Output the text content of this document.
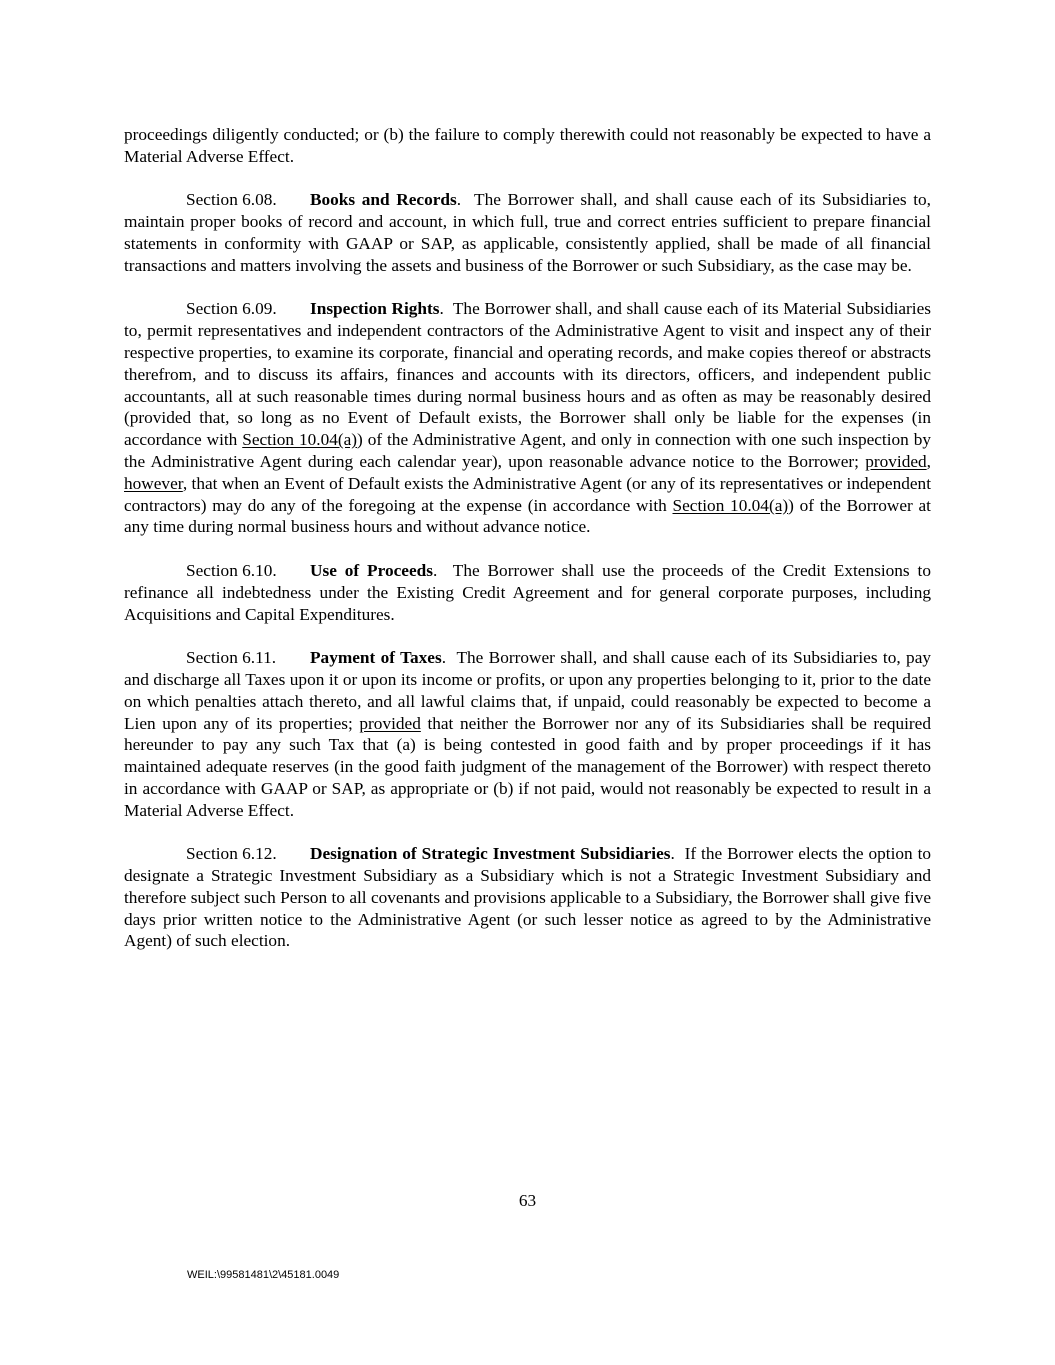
proceedings diligently conducted; or (b) the failure to comply therewith could not reasonably be expected to have a Material Adverse Effect.

Section 6.08. Books and Records.  The Borrower shall, and shall cause each of its Subsidiaries to, maintain proper books of record and account, in which full, true and correct entries sufficient to prepare financial statements in conformity with GAAP or SAP, as applicable, consistently applied, shall be made of all financial transactions and matters involving the assets and business of the Borrower or such Subsidiary, as the case may be.

Section 6.09. Inspection Rights.  The Borrower shall, and shall cause each of its Material Subsidiaries to, permit representatives and independent contractors of the Administrative Agent to visit and inspect any of their respective properties, to examine its corporate, financial and operating records, and make copies thereof or abstracts therefrom, and to discuss its affairs, finances and accounts with its directors, officers, and independent public accountants, all at such reasonable times during normal business hours and as often as may be reasonably desired (provided that, so long as no Event of Default exists, the Borrower shall only be liable for the expenses (in accordance with Section 10.04(a)) of the Administrative Agent, and only in connection with one such inspection by the Administrative Agent during each calendar year), upon reasonable advance notice to the Borrower; provided, however, that when an Event of Default exists the Administrative Agent (or any of its representatives or independent contractors) may do any of the foregoing at the expense (in accordance with Section 10.04(a)) of the Borrower at any time during normal business hours and without advance notice.

Section 6.10. Use of Proceeds.  The Borrower shall use the proceeds of the Credit Extensions to refinance all indebtedness under the Existing Credit Agreement and for general corporate purposes, including Acquisitions and Capital Expenditures.

Section 6.11. Payment of Taxes.  The Borrower shall, and shall cause each of its Subsidiaries to, pay and discharge all Taxes upon it or upon its income or profits, or upon any properties belonging to it, prior to the date on which penalties attach thereto, and all lawful claims that, if unpaid, could reasonably be expected to become a Lien upon any of its properties; provided that neither the Borrower nor any of its Subsidiaries shall be required hereunder to pay any such Tax that (a) is being contested in good faith and by proper proceedings if it has maintained adequate reserves (in the good faith judgment of the management of the Borrower) with respect thereto in accordance with GAAP or SAP, as appropriate or (b) if not paid, would not reasonably be expected to result in a Material Adverse Effect.

Section 6.12. Designation of Strategic Investment Subsidiaries.  If the Borrower elects the option to designate a Strategic Investment Subsidiary as a Subsidiary which is not a Strategic Investment Subsidiary and therefore subject such Person to all covenants and provisions applicable to a Subsidiary, the Borrower shall give five days prior written notice to the Administrative Agent (or such lesser notice as agreed to by the Administrative Agent) of such election.

63
WEIL:\99581481\2\45181.0049
